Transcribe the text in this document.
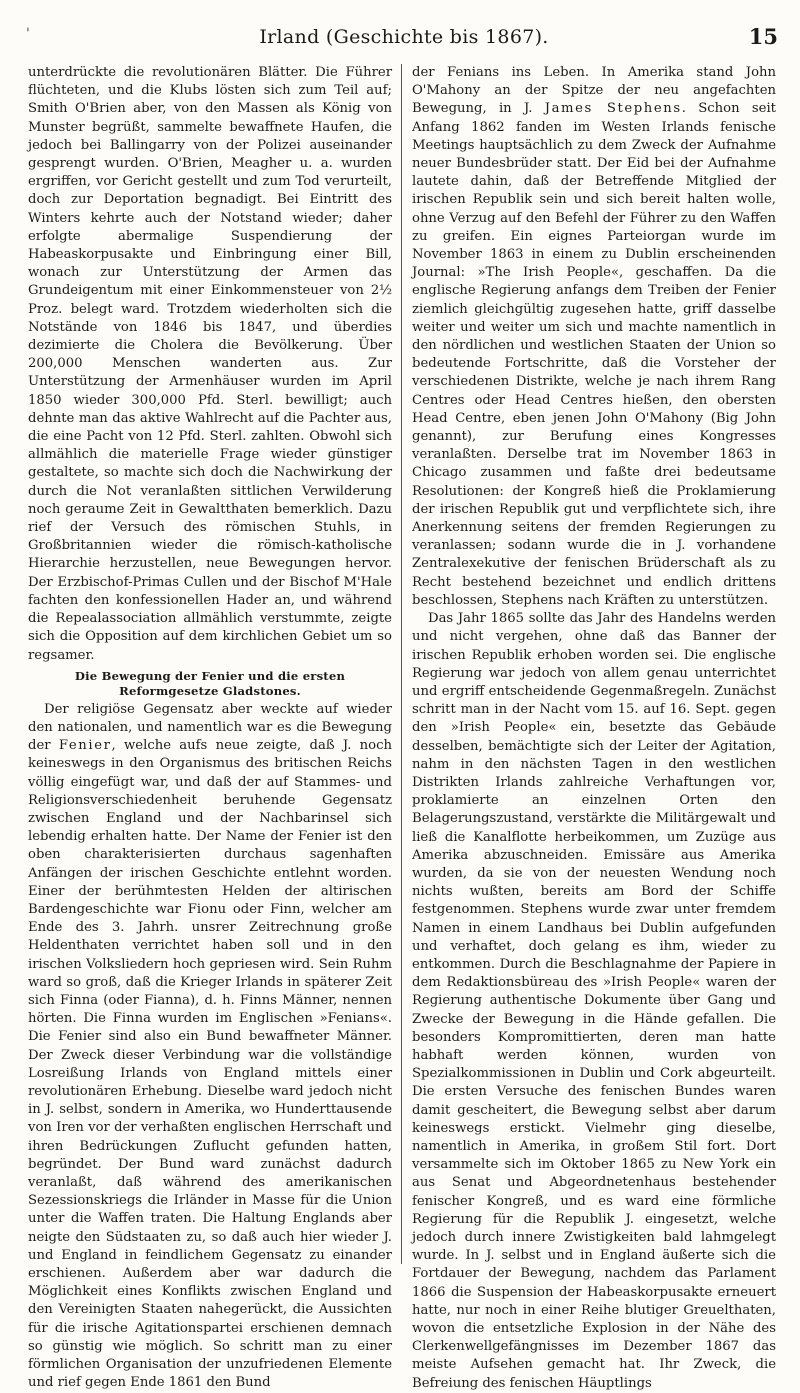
'	Irland (Geschichte bis 1867).	15

unterdrückte die revolutionären Blätter. Die Führer flüchteten, und die Klubs lösten sich zum Teil auf; Smith O'Brien aber, von den Massen als König von Munster begrüßt, sammelte bewaffnete Haufen, die jedoch bei Ballingarry von der Polizei auseinander gesprengt wurden. O'Brien, Meagher u. a. wurden ergriffen, vor Gericht gestellt und zum Tod verurteilt, doch zur Deportation begnadigt. Bei Eintritt des Winters kehrte auch der Notstand wieder; daher erfolgte abermalige Suspendierung der Habeaskorpusakte und Einbringung einer Bill, wonach zur Unterstützung der Armen das Grundeigentum mit einer Einkommensteuer von 2½ Proz. belegt ward. Trotzdem wiederholten sich die Notstände von 1846 bis 1847, und überdies dezimierte die Cholera die Bevölkerung. Über 200,000 Menschen wanderten aus. Zur Unterstützung der Armenhäuser wurden im April 1850 wieder 300,000 Pfd. Sterl. bewilligt; auch dehnte man das aktive Wahlrecht auf die Pachter aus, die eine Pacht von 12 Pfd. Sterl. zahlten. Obwohl sich allmählich die materielle Frage wieder günstiger gestaltete, so machte sich doch die Nachwirkung der durch die Not veranlaßten sittlichen Verwilderung noch geraume Zeit in Gewaltthaten bemerklich. Dazu rief der Versuch des römischen Stuhls, in Großbritannien wieder die römisch-katholische Hierarchie herzustellen, neue Bewegungen hervor. Der Erzbischof-Primas Cullen und der Bischof M'Hale fachten den konfessionellen Hader an, und während die Repealassociation allmählich verstummte, zeigte sich die Opposition auf dem kirchlichen Gebiet um so regsamer.

Die Bewegung der Fenier und die ersten Reformgesetze Gladstones.

Der religiöse Gegensatz aber weckte auf wieder den nationalen, und namentlich war es die Bewegung der Fenier, welche aufs neue zeigte, daß J. noch keineswegs in den Organismus des britischen Reichs völlig eingefügt war, und daß der auf Stammes- und Religionsverschiedenheit beruhende Gegensatz zwischen England und der Nachbarinsel sich lebendig erhalten hatte. Der Name der Fenier ist den oben charakterisierten durchaus sagenhaften Anfängen der irischen Geschichte entlehnt worden. Einer der berühmtesten Helden der altirischen Bardengeschichte war Fionu oder Finn, welcher am Ende des 3. Jahrh. unsrer Zeitrechnung große Heldenthaten verrichtet haben soll und in den irischen Volksliedern hoch gepriesen wird. Sein Ruhm ward so groß, daß die Krieger Irlands in späterer Zeit sich Finna (oder Fianna), d. h. Finns Männer, nennen hörten. Die Finna wurden im Englischen »Fenians«. Die Fenier sind also ein Bund bewaffneter Männer. Der Zweck dieser Verbindung war die vollständige Losreißung Irlands von England mittels einer revolutionären Erhebung. Dieselbe ward jedoch nicht in J. selbst, sondern in Amerika, wo Hunderttausende von Iren vor der verhaßten englischen Herrschaft und ihren Bedrückungen Zuflucht gefunden hatten, begründet. Der Bund ward zunächst dadurch veranlaßt, daß während des amerikanischen Sezessionskriegs die Irländer in Masse für die Union unter die Waffen traten. Die Haltung Englands aber neigte den Südstaaten zu, so daß auch hier wieder J. und England in feindlichem Gegensatz zu einander erschienen. Außerdem aber war dadurch die Möglichkeit eines Konflikts zwischen England und den Vereinigten Staaten nahegerückt, die Aussichten für die irische Agitationspartei erschienen demnach so günstig wie möglich. So schritt man zu einer förmlichen Organisation der unzufriedenen Elemente und rief gegen Ende 1861 den Bund

der Fenians ins Leben. In Amerika stand John O'Mahony an der Spitze der neu angefachten Bewegung, in J. James Stephens. Schon seit Anfang 1862 fanden im Westen Irlands fenische Meetings hauptsächlich zu dem Zweck der Aufnahme neuer Bundesbrüder statt. Der Eid bei der Aufnahme lautete dahin, daß der Betreffende Mitglied der irischen Republik sein und sich bereit halten wolle, ohne Verzug auf den Befehl der Führer zu den Waffen zu greifen. Ein eignes Parteiorgan wurde im November 1863 in einem zu Dublin erscheinenden Journal: »The Irish People«, geschaffen. Da die englische Regierung anfangs dem Treiben der Fenier ziemlich gleichgültig zugesehen hatte, griff dasselbe weiter und weiter um sich und machte namentlich in den nördlichen und westlichen Staaten der Union so bedeutende Fortschritte, daß die Vorsteher der verschiedenen Distrikte, welche je nach ihrem Rang Centres oder Head Centres hießen, den obersten Head Centre, eben jenen John O'Mahony (Big John genannt), zur Berufung eines Kongresses veranlaßten. Derselbe trat im November 1863 in Chicago zusammen und faßte drei bedeutsame Resolutionen: der Kongreß hieß die Proklamierung der irischen Republik gut und verpflichtete sich, ihre Anerkennung seitens der fremden Regierungen zu veranlassen; sodann wurde die in J. vorhandene Zentralexekutive der fenischen Brüderschaft als zu Recht bestehend bezeichnet und endlich drittens beschlossen, Stephens nach Kräften zu unterstützen.

Das Jahr 1865 sollte das Jahr des Handelns werden und nicht vergehen, ohne daß das Banner der irischen Republik erhoben worden sei. Die englische Regierung war jedoch von allem genau unterrichtet und ergriff entscheidende Gegenmaßregeln. Zunächst schritt man in der Nacht vom 15. auf 16. Sept. gegen den »Irish People« ein, besetzte das Gebäude desselben, bemächtigte sich der Leiter der Agitation, nahm in den nächsten Tagen in den westlichen Distrikten Irlands zahlreiche Verhaftungen vor, proklamierte an einzelnen Orten den Belagerungszustand, verstärkte die Militärgewalt und ließ die Kanalflotte herbeikommen, um Zuzüge aus Amerika abzuschneiden. Emissäre aus Amerika wurden, da sie von der neuesten Wendung noch nichts wußten, bereits am Bord der Schiffe festgenommen. Stephens wurde zwar unter fremdem Namen in einem Landhaus bei Dublin aufgefunden und verhaftet, doch gelang es ihm, wieder zu entkommen. Durch die Beschlagnahme der Papiere in dem Redaktionsbüreau des »Irish People« waren der Regierung authentische Dokumente über Gang und Zwecke der Bewegung in die Hände gefallen. Die besonders Kompromittierten, deren man hatte habhaft werden können, wurden von Spezialkommissionen in Dublin und Cork abgeurteilt. Die ersten Versuche des fenischen Bundes waren damit gescheitert, die Bewegung selbst aber darum keineswegs erstickt. Vielmehr ging dieselbe, namentlich in Amerika, in großem Stil fort. Dort versammelte sich im Oktober 1865 zu New York ein aus Senat und Abgeordnetenhaus bestehender fenischer Kongreß, und es ward eine förmliche Regierung für die Republik J. eingesetzt, welche jedoch durch innere Zwistigkeiten bald lahmgelegt wurde. In J. selbst und in England äußerte sich die Fortdauer der Bewegung, nachdem das Parlament 1866 die Suspension der Habeaskorpusakte erneuert hatte, nur noch in einer Reihe blutiger Greuelthaten, wovon die entsetzliche Explosion in der Nähe des Clerkenwellgefängnisses im Dezember 1867 das meiste Aufsehen gemacht hat. Ihr Zweck, die Befreiung des fenischen Häuptlings
